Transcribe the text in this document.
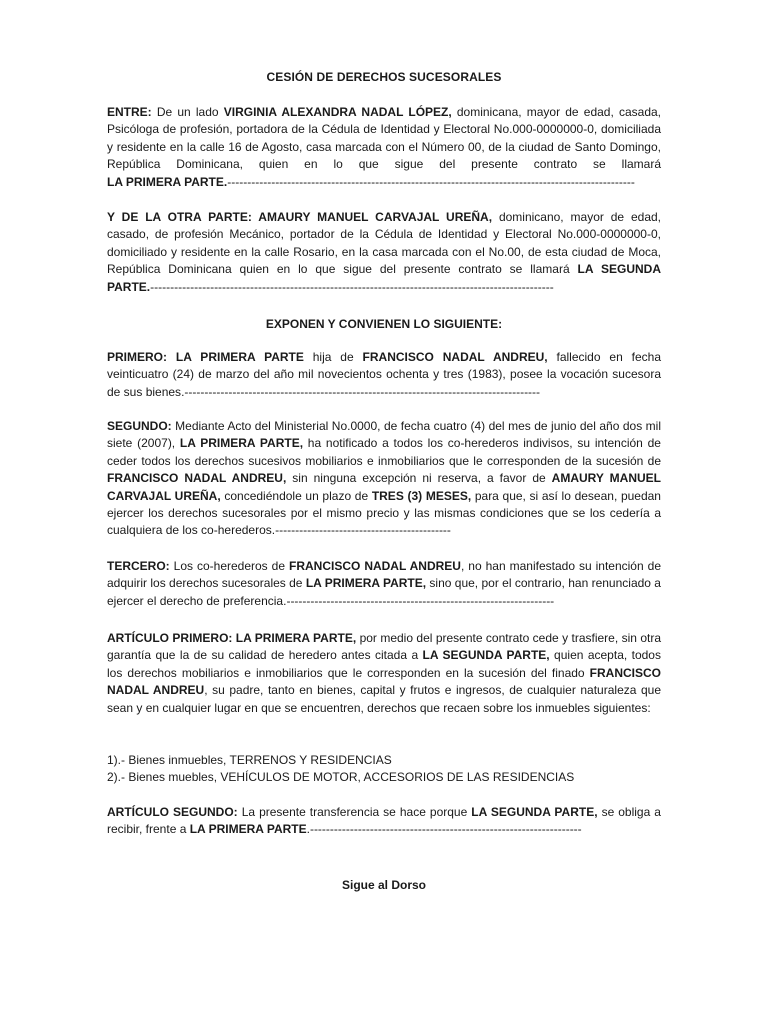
CESIÓN DE DERECHOS SUCESORALES
ENTRE: De un lado VIRGINIA ALEXANDRA NADAL LÓPEZ, dominicana, mayor de edad, casada, Psicóloga de profesión, portadora de la Cédula de Identidad y Electoral No.000-0000000-0, domiciliada y residente en la calle 16 de Agosto, casa marcada con el Número 00, de la ciudad de Santo Domingo, República Dominicana, quien en lo que sigue del presente contrato se llamará LA PRIMERA PARTE.------------------------------------------------------------------------------------------------------
Y DE LA OTRA PARTE: AMAURY MANUEL CARVAJAL UREÑA, dominicano, mayor de edad, casado, de profesión Mecánico, portador de la Cédula de Identidad y Electoral No.000-0000000-0, domiciliado y residente en la calle Rosario, en la casa marcada con el No.00, de esta ciudad de Moca, República Dominicana quien en lo que sigue del presente contrato se llamará LA SEGUNDA PARTE.-----------------------------------------------------------------------------------------------------
EXPONEN Y CONVIENEN LO SIGUIENTE:
PRIMERO: LA PRIMERA PARTE hija de FRANCISCO NADAL ANDREU, fallecido en fecha veinticuatro (24) de marzo del año mil novecientos ochenta y tres (1983), posee la vocación sucesora de sus bienes.-----------------------------------------------------------------------------------------
SEGUNDO: Mediante Acto del Ministerial No.0000, de fecha cuatro (4) del mes de junio del año dos mil siete (2007), LA PRIMERA PARTE, ha notificado a todos los co-herederos indivisos, su intención de ceder todos los derechos sucesivos mobiliarios e inmobiliarios que le corresponden de la sucesión de FRANCISCO NADAL ANDREU, sin ninguna excepción ni reserva, a favor de AMAURY MANUEL CARVAJAL UREÑA, concediéndole un plazo de TRES (3) MESES, para que, si así lo desean, puedan ejercer los derechos sucesorales por el mismo precio y las mismas condiciones que se los cedería a cualquiera de los co-herederos.--------------------------------------------
TERCERO: Los co-herederos de FRANCISCO NADAL ANDREU, no han manifestado su intención de adquirir los derechos sucesorales de LA PRIMERA PARTE, sino que, por el contrario, han renunciado a ejercer el derecho de preferencia.-------------------------------------------------------------------
ARTÍCULO PRIMERO: LA PRIMERA PARTE, por medio del presente contrato cede y trasfiere, sin otra garantía que la de su calidad de heredero antes citada a LA SEGUNDA PARTE, quien acepta, todos los derechos mobiliarios e inmobiliarios que le corresponden en la sucesión del finado FRANCISCO NADAL ANDREU, su padre, tanto en bienes, capital y frutos e ingresos, de cualquier naturaleza que sean y en cualquier lugar en que se encuentren, derechos que recaen sobre los inmuebles siguientes:
1).- Bienes inmuebles, TERRENOS Y RESIDENCIAS
2).- Bienes muebles, VEHÍCULOS DE MOTOR, ACCESORIOS DE LAS RESIDENCIAS
ARTÍCULO SEGUNDO: La presente transferencia se hace porque LA SEGUNDA PARTE, se obliga a recibir, frente a LA PRIMERA PARTE.--------------------------------------------------------------------
Sigue al Dorso
